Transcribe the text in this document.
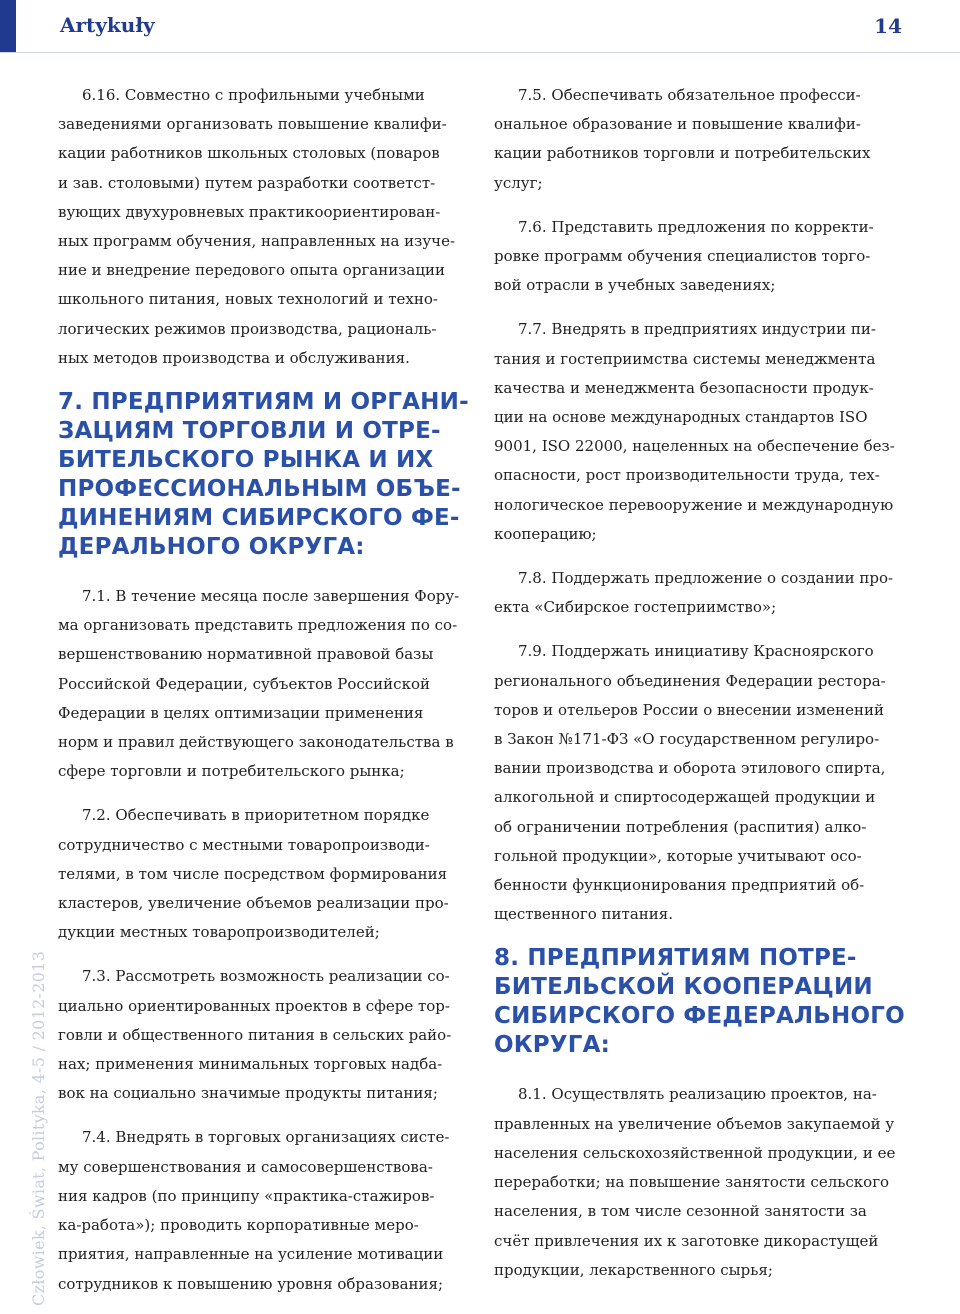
Artykuły	14
Człowiek, Świat, Polityka, 4-5 / 2012-2013

6.16. Совместно с профильными учебными
заведениями организовать повышение квалифи-
кации работников школьных столовых (поваров
и зав. столовыми) путем разработки соответст-
вующих двухуровневых практикоориентирован-
ных программ обучения, направленных на изуче-
ние и внедрение передового опыта организации
школьного питания, новых технологий и техно-
логических режимов производства, рациональ-
ных методов производства и обслуживания.

7. ПРЕДПРИЯТИЯМ И ОРГАНИ-
ЗАЦИЯМ ТОРГОВЛИ И ОТРЕ-
БИТЕЛЬСКОГО РЫНКА И ИХ
ПРОФЕССИОНАЛЬНЫМ ОБЪЕ-
ДИНЕНИЯМ СИБИРСКОГО ФЕ-
ДЕРАЛЬНОГО ОКРУГА:

7.1. В течение месяца после завершения Фору-
ма организовать представить предложения по со-
вершенствованию нормативной правовой базы
Российской Федерации, субъектов Российской
Федерации в целях оптимизации применения
норм и правил действующего законодательства в
сфере торговли и потребительского рынка;

7.2. Обеспечивать в приоритетном порядке
сотрудничество с местными товаропроизводи-
телями, в том числе посредством формирования
кластеров, увеличение объемов реализации про-
дукции местных товаропроизводителей;

7.3. Рассмотреть возможность реализации со-
циально ориентированных проектов в сфере тор-
говли и общественного питания в сельских райо-
нах; применения минимальных торговых надба-
вок на социально значимые продукты питания;

7.4. Внедрять в торговых организациях систе-
му совершенствования и самосовершенствова-
ния кадров (по принципу «практика-стажиров-
ка-работа»); проводить корпоративные меро-
приятия, направленные на усиление мотивации
сотрудников к повышению уровня образования;

7.5. Обеспечивать обязательное професси-
ональное образование и повышение квалифи-
кации работников торговли и потребительских
услуг;

7.6. Представить предложения по корректи-
ровке программ обучения специалистов торго-
вой отрасли в учебных заведениях;

7.7. Внедрять в предприятиях индустрии пи-
тания и гостеприимства системы менеджмента
качества и менеджмента безопасности продук-
ции на основе международных стандартов ISO
9001, ISO 22000, нацеленных на обеспечение без-
опасности, рост производительности труда, тех-
нологическое перевооружение и международную
кооперацию;

7.8. Поддержать предложение о создании про-
екта «Сибирское гостеприимство»;

7.9. Поддержать инициативу Красноярского
регионального объединения Федерации рестора-
торов и отельеров России о внесении изменений
в Закон №171-ФЗ «О государственном регулиро-
вании производства и оборота этилового спирта,
алкогольной и спиртосодержащей продукции и
об ограничении потребления (распития) алко-
гольной продукции», которые учитывают осо-
бенности функционирования предприятий об-
щественного питания.

8. ПРЕДПРИЯТИЯМ ПОТРЕ-
БИТЕЛЬСКОЙ КООПЕРАЦИИ
СИБИРСКОГО ФЕДЕРАЛЬНОГО
ОКРУГА:

8.1. Осуществлять реализацию проектов, на-
правленных на увеличение объемов закупаемой у
населения сельскохозяйственной продукции, и ее
переработки; на повышение занятости сельского
населения, в том числе сезонной занятости за
счёт привлечения их к заготовке дикорастущей
продукции, лекарственного сырья;
